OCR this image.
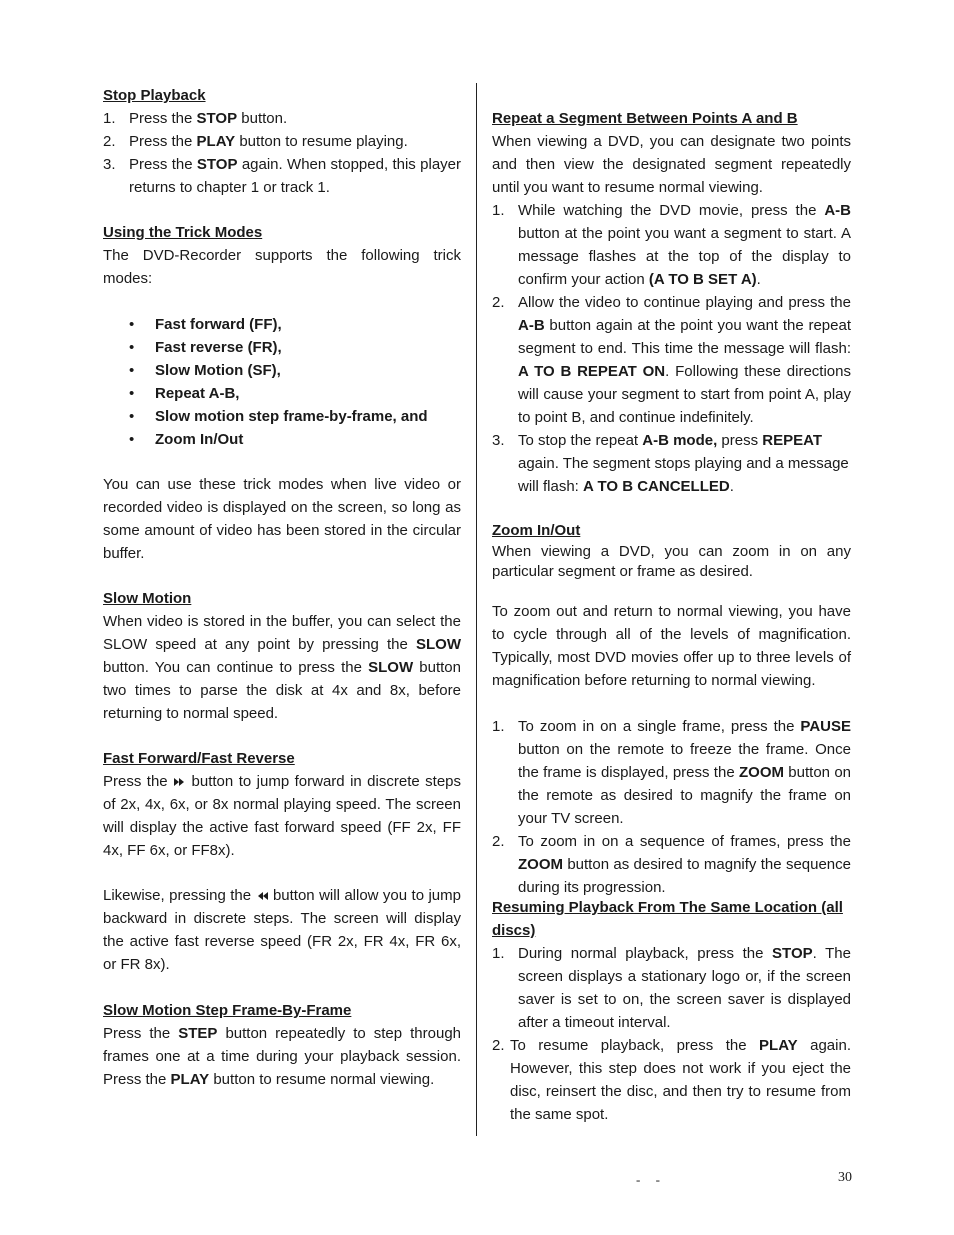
Stop Playback
1. Press the STOP button.
2. Press the PLAY button to resume playing.
3. Press the STOP again. When stopped, this player returns to chapter 1 or track 1.
Using the Trick Modes

The DVD-Recorder supports the following trick modes:

• Fast forward (FF),
• Fast reverse (FR),
• Slow Motion (SF),
• Repeat A-B,
• Slow motion step frame-by-frame, and
• Zoom In/Out

You can use these trick modes when live video or recorded video is displayed on the screen, so long as some amount of video has been stored in the circular buffer.

Slow Motion

When video is stored in the buffer, you can select the SLOW speed at any point by pressing the SLOW button. You can continue to press the SLOW button two times to parse the disk at 4x and 8x, before returning to normal speed.

Fast Forward/Fast Reverse

Press the  button to jump forward in discrete steps of 2x, 4x, 6x, or 8x normal playing speed. The screen will display the active fast forward speed (FF 2x, FF 4x, FF 6x, or FF8x).

Likewise, pressing the  button will allow you to jump backward in discrete steps. The screen will display the active fast reverse speed (FR 2x, FR 4x, FR 6x, or FR 8x).

Slow Motion Step Frame-By-Frame

Press the STEP button repeatedly to step through frames one at a time during your playback session. Press the PLAY button to resume normal viewing.

Repeat a Segment Between Points A and B

When viewing a DVD, you can designate two points and then view the designated segment repeatedly until you want to resume normal viewing.

1. While watching the DVD movie, press the A-B button at the point you want a segment to start. A message flashes at the top of the display to confirm your action (A TO B SET A).
2. Allow the video to continue playing and press the A-B button again at the point you want the repeat segment to end. This time the message will flash: A TO B REPEAT ON. Following these directions will cause your segment to start from point A, play to point B, and continue indefinitely.
3. To stop the repeat A-B mode, press REPEAT again. The segment stops playing and a message will flash: A TO B CANCELLED.
Zoom In/Out

When viewing a DVD, you can zoom in on any particular segment or frame as desired.

To zoom out and return to normal viewing, you have to cycle through all of the levels of magnification. Typically, most DVD movies offer up to three levels of magnification before returning to normal viewing.

1. To zoom in on a single frame, press the PAUSE button on the remote to freeze the frame. Once the frame is displayed, press the ZOOM button on the remote as desired to magnify the frame on your TV screen.
2. To zoom in on a sequence of frames, press the ZOOM button as desired to magnify the sequence during its progression.
Resuming Playback From The Same Location (all discs)
1. During normal playback, press the STOP. The screen displays a stationary logo or, if the screen saver is set to on, the screen saver is displayed after a timeout interval.
2. To resume playback, press the PLAY again. However, this step does not work if you eject the disc, reinsert the disc, and then try to resume from the same spot.
- -	30
